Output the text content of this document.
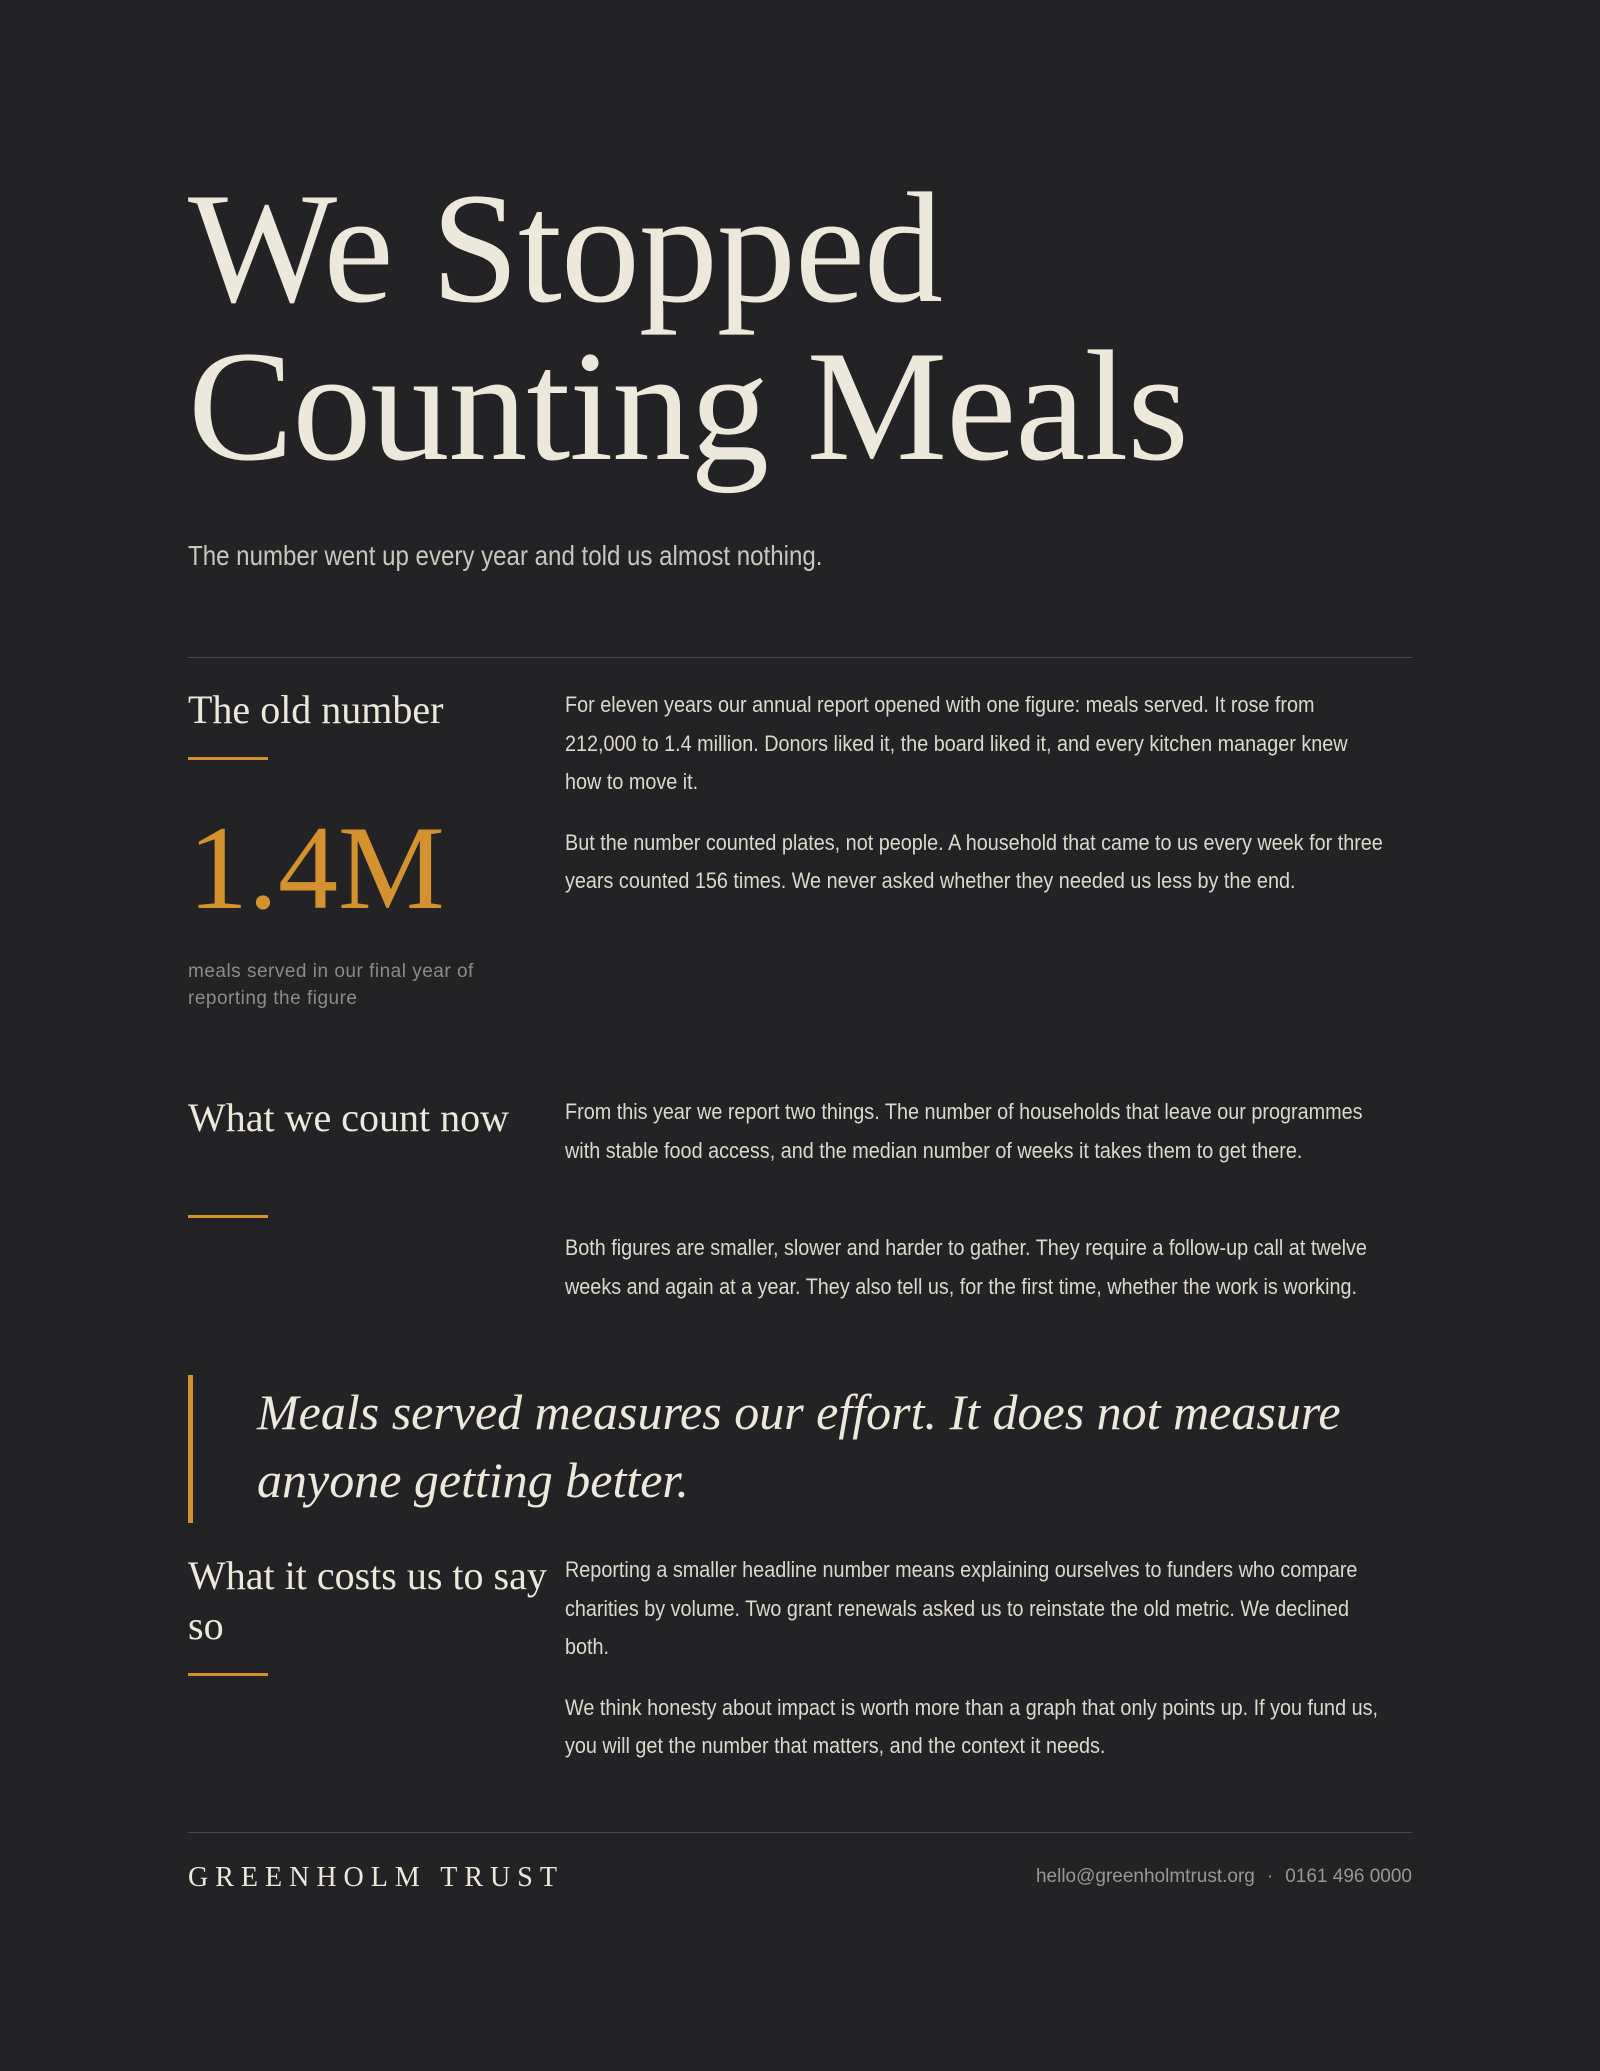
We Stopped
Counting Meals
The number went up every year and told us almost nothing.
The old number
1.4M
meals served in our final year of reporting the figure

For eleven years our annual report opened with one figure: meals served. It rose from 212,000 to 1.4 million. Donors liked it, the board liked it, and every kitchen manager knew how to move it.

But the number counted plates, not people. A household that came to us every week for three years counted 156 times. We never asked whether they needed us less by the end.

What we count now	From this year we report two things. The number of households that leave our programmes with stable food access, and the median number of weeks it takes them to get there.

Both figures are smaller, slower and harder to gather. They require a follow-up call at twelve weeks and again at a year. They also tell us, for the first time, whether the work is working.

Meals served measures our effort. It does not measure anyone getting better.
What it costs us to say so

Reporting a smaller headline number means explaining ourselves to funders who compare charities by volume. Two grant renewals asked us to reinstate the old metric. We declined both.

We think honesty about impact is worth more than a graph that only points up. If you fund us, you will get the number that matters, and the context it needs.

GREENHOLM TRUST	hello@greenholmtrust.org · 0161 496 0000
